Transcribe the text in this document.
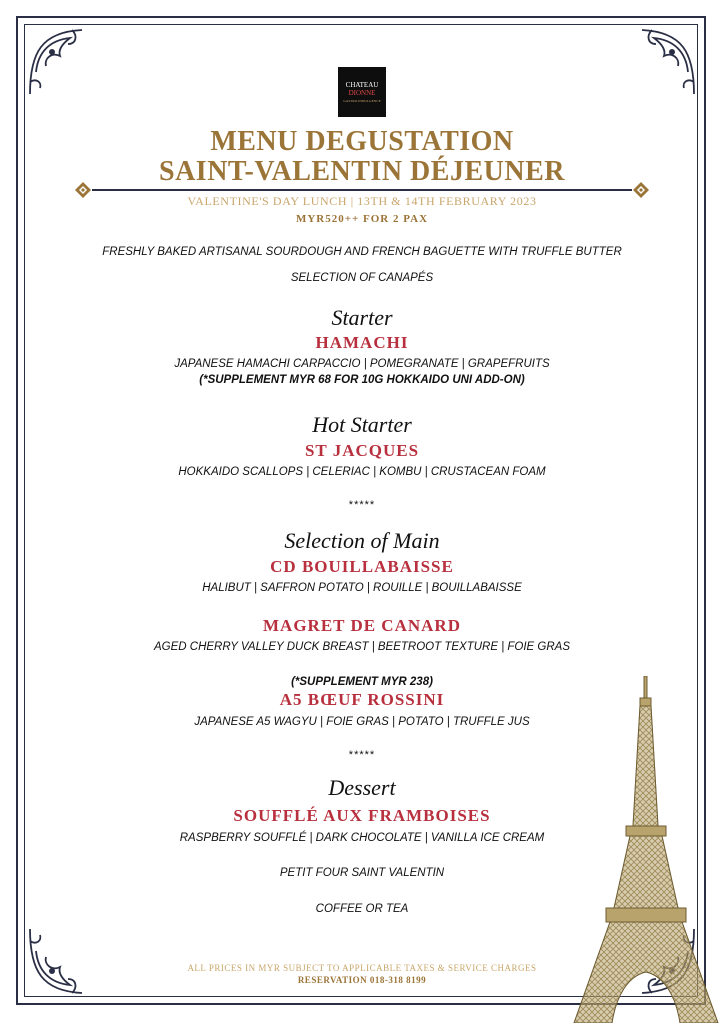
CHATEAU
DIONNE
GASTRO INDULGENCE
MENU DEGUSTATION
SAINT-VALENTIN DÉJEUNER
VALENTINE'S DAY LUNCH | 13TH & 14TH FEBRUARY 2023
MYR520++ FOR 2 PAX
FRESHLY BAKED ARTISANAL SOURDOUGH AND FRENCH BAGUETTE WITH TRUFFLE BUTTER
SELECTION OF CANAPÉS
Starter
HAMACHI
JAPANESE HAMACHI CARPACCIO | POMEGRANATE | GRAPEFRUITS
(*SUPPLEMENT MYR 68 FOR 10G HOKKAIDO UNI ADD-ON)
Hot Starter
ST JACQUES
HOKKAIDO SCALLOPS | CELERIAC | KOMBU | CRUSTACEAN FOAM
*****
Selection of Main
CD BOUILLABAISSE
HALIBUT | SAFFRON POTATO | ROUILLE | BOUILLABAISSE
MAGRET DE CANARD
AGED CHERRY VALLEY DUCK BREAST | BEETROOT TEXTURE | FOIE GRAS
(*SUPPLEMENT MYR 238)
A5 BŒUF ROSSINI
JAPANESE A5 WAGYU | FOIE GRAS | POTATO | TRUFFLE JUS
*****
Dessert
SOUFFLÉ AUX FRAMBOISES
RASPBERRY SOUFFLÉ | DARK CHOCOLATE | VANILLA ICE CREAM
PETIT FOUR SAINT VALENTIN
COFFEE OR TEA
ALL PRICES IN MYR SUBJECT TO APPLICABLE TAXES & SERVICE CHARGES
RESERVATION 018-318 8199
